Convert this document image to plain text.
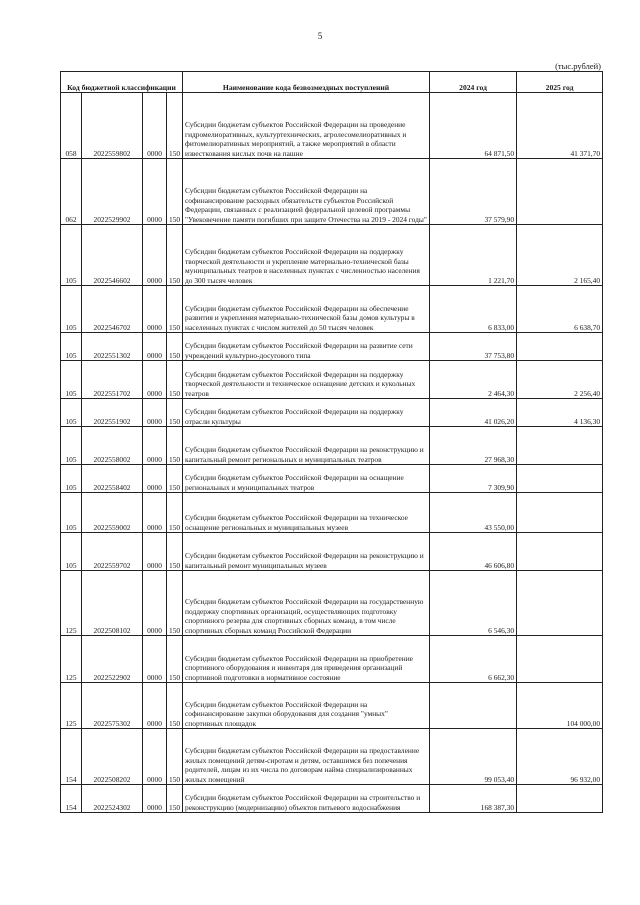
5
(тыс.рублей)
Код бюджетной классификации				Наименование кода безвозмездных поступлений	2024 год	2025 год
058	2022559802	0000	150	Субсидии бюджетам субъектов Российской Федерации на проведение гидромелиоративных, культуртехнических, агролесомелиоративных и фитомелиоративных мероприятий, а также мероприятий в области известкования кислых почв на пашне	64 871,50	41 371,70
062	2022529902	0000	150	Субсидии бюджетам субъектов Российской Федерации на софинансирование расходных обязательств субъектов Российской Федерации, связанных с реализацией федеральной целевой программы "Увековечение памяти погибших при защите Отечества на 2019 - 2024 годы"	37 579,90	
105	2022546602	0000	150	Субсидии бюджетам субъектов Российской Федерации на поддержку творческой деятельности и укрепление материально-технической базы муниципальных театров в населенных пунктах с численностью населения до 300 тысяч человек	1 221,70	2 165,40
105	2022546702	0000	150	Субсидии бюджетам субъектов Российской Федерации на обеспечение развития и укрепления материально-технической базы домов культуры в населенных пунктах с числом жителей до 50 тысяч человек	6 833,00	6 638,70
105	2022551302	0000	150	Субсидии бюджетам субъектов Российской Федерации на развитие сети учреждений культурно-досугового типа	37 753,80	
105	2022551702	0000	150	Субсидии бюджетам субъектов Российской Федерации на поддержку творческой деятельности и техническое оснащение детских и кукольных театров	2 464,30	2 256,40
105	2022551902	0000	150	Субсидии бюджетам субъектов Российской Федерации на поддержку отрасли культуры	41 026,20	4 136,30
105	2022558002	0000	150	Субсидии бюджетам субъектов Российской Федерации на реконструкцию и капитальный ремонт региональных и муниципальных театров	27 968,30	
105	2022558402	0000	150	Субсидии бюджетам субъектов Российской Федерации на оснащение региональных и муниципальных театров	7 309,90	
105	2022559002	0000	150	Субсидии бюджетам субъектов Российской Федерации на техническое оснащение региональных и муниципальных музеев	43 550,00	
105	2022559702	0000	150	Субсидии бюджетам субъектов Российской Федерации на реконструкцию и капитальный ремонт муниципальных музеев	46 606,80	
125	2022508102	0000	150	Субсидии бюджетам субъектов Российской Федерации на государственную поддержку спортивных организаций, осуществляющих подготовку спортивного резерва для спортивных сборных команд, в том числе спортивных сборных команд Российской Федерации	6 546,30	
125	2022522902	0000	150	Субсидии бюджетам субъектов Российской Федерации на приобретение спортивного оборудования и инвентаря для приведения организаций спортивной подготовки в нормативное состояние	6 662,30	
125	2022575302	0000	150	Субсидии бюджетам субъектов Российской Федерации на софинансирование закупки оборудования для создания "умных" спортивных площадок		104 000,00
154	2022508202	0000	150	Субсидии бюджетам субъектов Российской Федерации на предоставление жилых помещений детям-сиротам и детям, оставшимся без попечения родителей, лицам из их числа по договорам найма специализированных жилых помещений	99 053,40	96 932,00
154	2022524302	0000	150	Субсидии бюджетам субъектов Российской Федерации на строительство и реконструкцию (модернизацию) объектов питьевого водоснабжения	168 387,30	
